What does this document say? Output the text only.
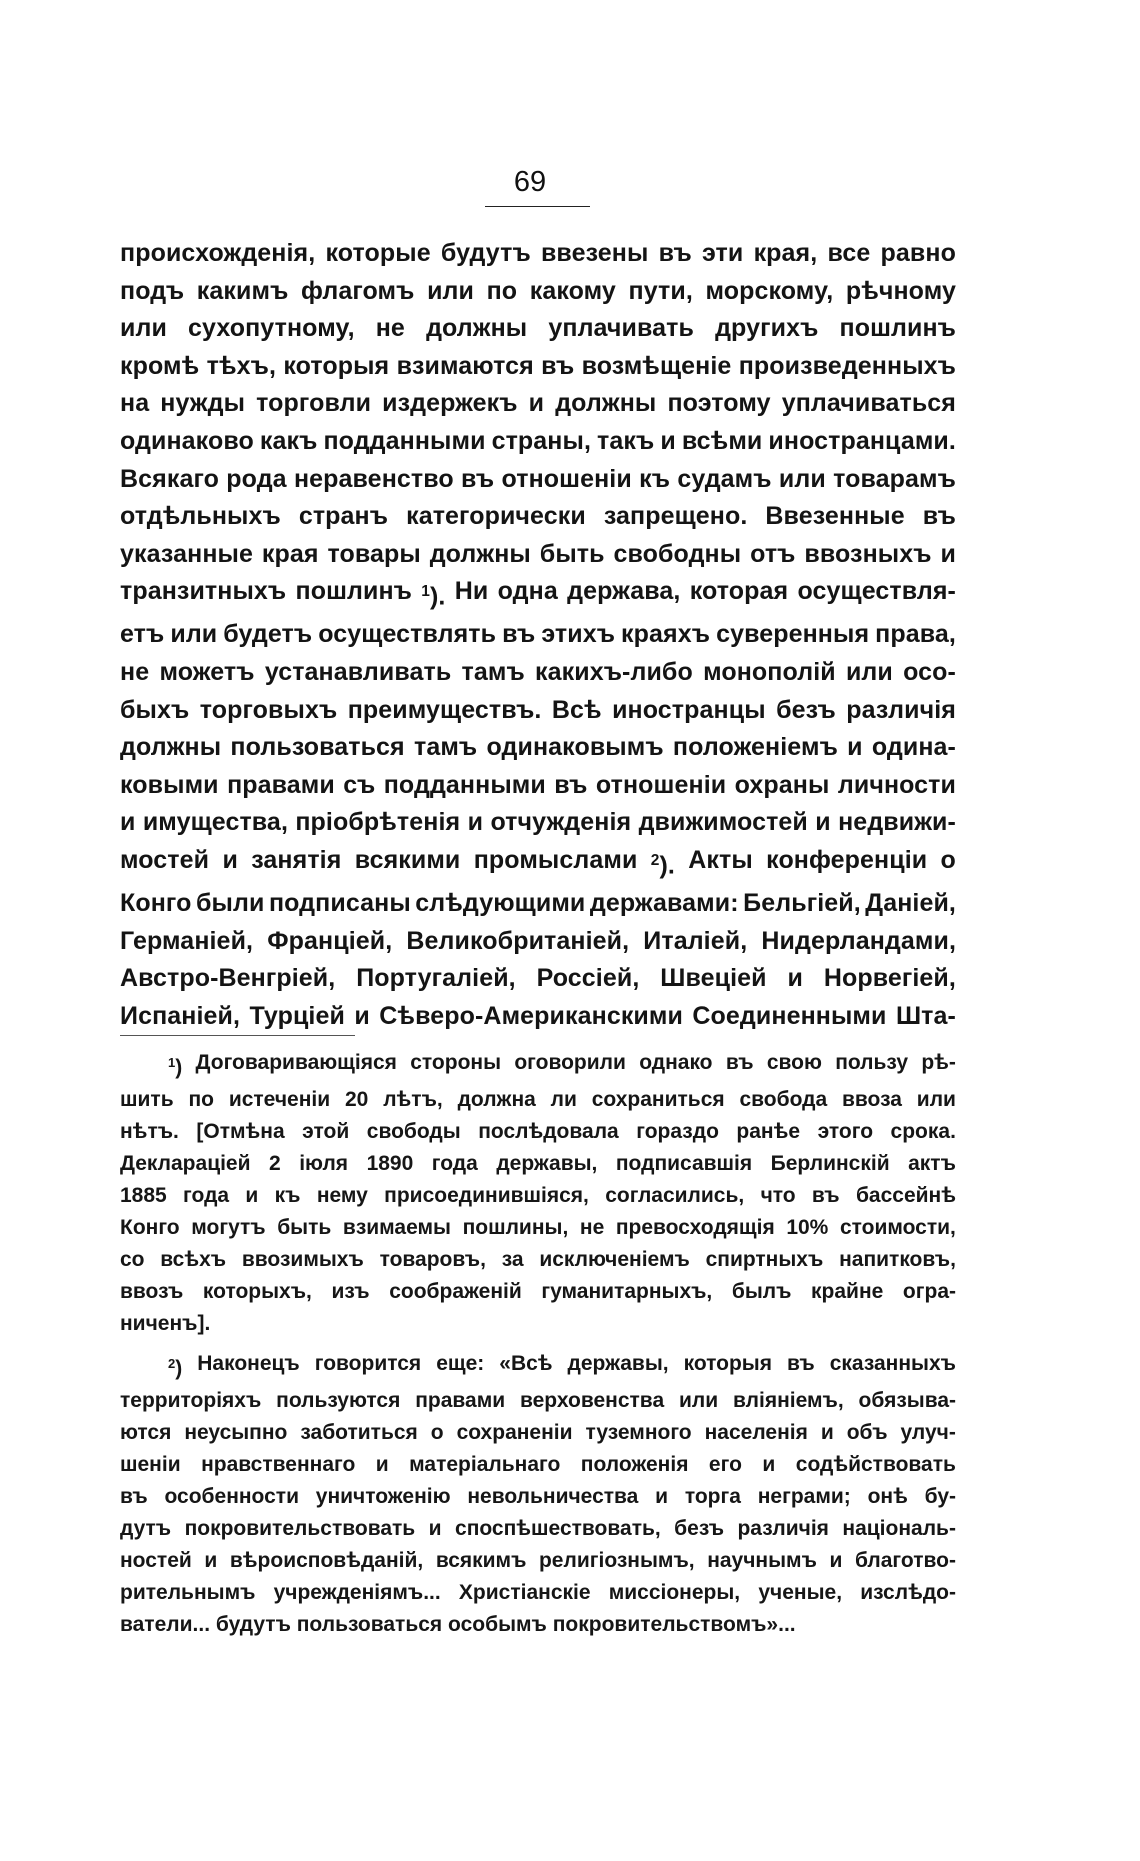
69
происхожденія, которые будутъ ввезены въ эти края, все равно
подъ какимъ флагомъ или по какому пути, морскому, рѣчному
или сухопутному, не должны уплачивать другихъ пошлинъ
кромѣ тѣхъ, которыя взимаются въ возмѣщеніе произведенныхъ
на нужды торговли издержекъ и должны поэтому уплачиваться
одинаково какъ подданными страны, такъ и всѣми иностранцами.
Всякаго рода неравенство въ отношеніи къ судамъ или товарамъ
отдѣльныхъ странъ категорически запрещено. Ввезенные въ
указанные края товары должны быть свободны отъ ввозныхъ и
транзитныхъ пошлинъ $^1$). Ни одна держава, которая осуществля-
етъ или будетъ осуществлять въ этихъ краяхъ суверенныя права,
не можетъ устанавливать тамъ какихъ-либо монополій или осо-
быхъ торговыхъ преимуществъ. Всѣ иностранцы безъ различія
должны пользоваться тамъ одинаковымъ положеніемъ и одина-
ковыми правами съ подданными въ отношеніи охраны личности
и имущества, пріобрѣтенія и отчужденія движимостей и недвижи-
мостей и занятія всякими промыслами $^2$). Акты конференціи о
Конго были подписаны слѣдующими державами: Бельгіей, Даніей,
Германіей, Франціей, Великобританіей, Италіей, Нидерландами,
Австро-Венгріей, Португаліей, Россіей, Швеціей и Норвегіей,
Испаніей, Турціей и Сѣверо-Американскими Соединенными Шта-
$^1$) Договаривающіяся стороны оговорили однако въ свою пользу рѣ-
шить по истеченіи 20 лѣтъ, должна ли сохраниться свобода ввоза или
нѣтъ. [Отмѣна этой свободы послѣдовала гораздо ранѣе этого срока.
Деклараціей 2 іюля 1890 года державы, подписавшія Берлинскій актъ
1885 года и къ нему присоединившіяся, согласились, что въ бассейнѣ
Конго могутъ быть взимаемы пошлины, не превосходящія 10% стоимости,
со всѣхъ ввозимыхъ товаровъ, за исключеніемъ спиртныхъ напитковъ,
ввозъ которыхъ, изъ соображеній гуманитарныхъ, былъ крайне огра-
ниченъ].
$^2$) Наконецъ говорится еще: «Всѣ державы, которыя въ сказанныхъ
территоріяхъ пользуются правами верховенства или вліяніемъ, обязыва-
ются неусыпно заботиться о сохраненіи туземного населенія и объ улуч-
шеніи нравственнаго и матеріальнаго положенія его и содѣйствовать
въ особенности уничтоженію невольничества и торга неграми; онѣ бу-
дутъ покровительствовать и споспѣшествовать, безъ различія національ-
ностей и вѣроисповѣданій, всякимъ религіознымъ, научнымъ и благотво-
рительнымъ учрежденіямъ... Христіанскіе миссіонеры, ученые, изслѣдо-
ватели... будутъ пользоваться особымъ покровительствомъ»...
